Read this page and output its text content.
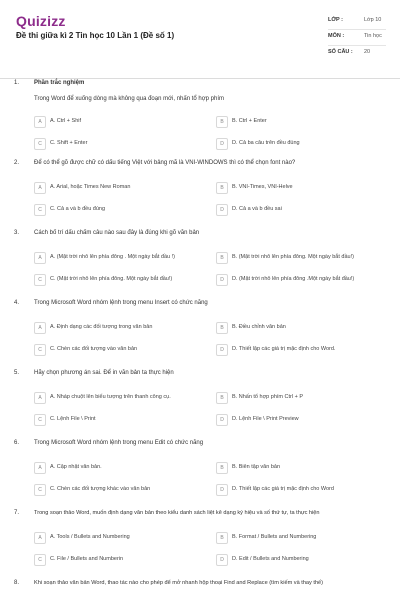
Quizizz
Đề thi giữa kì 2 Tin học 10 Lần 1 (Đề số 1)
LỚP :	Lớp 10
MÔN :	Tin học
SỐ CÂU : 20
1. Phần trắc nghiệm
Trong Word để xuống dòng mà không qua đoạn mới, nhấn tổ hợp phím
A	A. Ctrl + Shif	B	B. Ctrl + Enter
C	C. Shift + Enter	D	D. Cả ba câu trên đều đúng
2. Để có thể gõ được chữ có dấu tiếng Việt với bảng mã là VNI-WINDOWS thì có thể chọn font nào?
A	A. Arial, hoặc Times New Roman	B	B. VNI-Times, VNI-Helve
C	C. Cả a và b đều đúng	D	D. Cả a và b đều sai
3. Cách bố trí dấu chấm câu nào sau đây là đúng khi gõ văn bản
A	A. (Mặt trời nhô lên phía đông . Một ngày bắt đầu !)	B	B. (Mặt trời nhô lên phía đông. Một ngày bắt đầu!)
C	C. (Mặt trời nhô lên phía đông. Một ngày bắt đầu!)	D	D. (Mặt trời nhô lên phía đông .Một ngày bắt đầu!)
4. Trong Microsoft Word nhóm lệnh trong menu Insert có chức năng
A	A. Định dạng các đối tượng trong văn bản	B	B. Điều chỉnh văn bản
C	C. Chèn các đối tượng vào văn bản	D	D. Thiết lập các giá trị mặc định cho Word.
5. Hãy chọn phương án sai. Để in văn bản ta thực hiện
A	A. Nháp chuột lên biểu tượng trên thanh công cụ.	B	B. Nhấn tổ hợp phím Ctrl + P
C	C. Lệnh File \ Print	D	D. Lệnh File \ Print Preview
6. Trong Microsoft Word nhóm lệnh trong menu Edit có chức năng
A	A. Cập nhật văn bản.	B	B. Biên tập văn bản
C	C. Chèn các đối tượng khác vào văn bản	D	D. Thiết lập các giá trị mặc định cho Word
7.	Trong soạn thảo Word, muốn định dạng văn bản theo kiểu danh sách liệt kê dạng ký hiệu và số thứ tự, ta thực hiện
A	A. Tools / Bullets and Numbering	B	B. Format / Bullets and Numbering
C	C. File / Bullets and Numberin	D	D. Edit / Bullets and Numbering
8.	Khi soạn thảo văn bản Word, thao tác nào cho phép để mở nhanh hộp thoại Find and Replace (tìm kiếm và thay thế)
